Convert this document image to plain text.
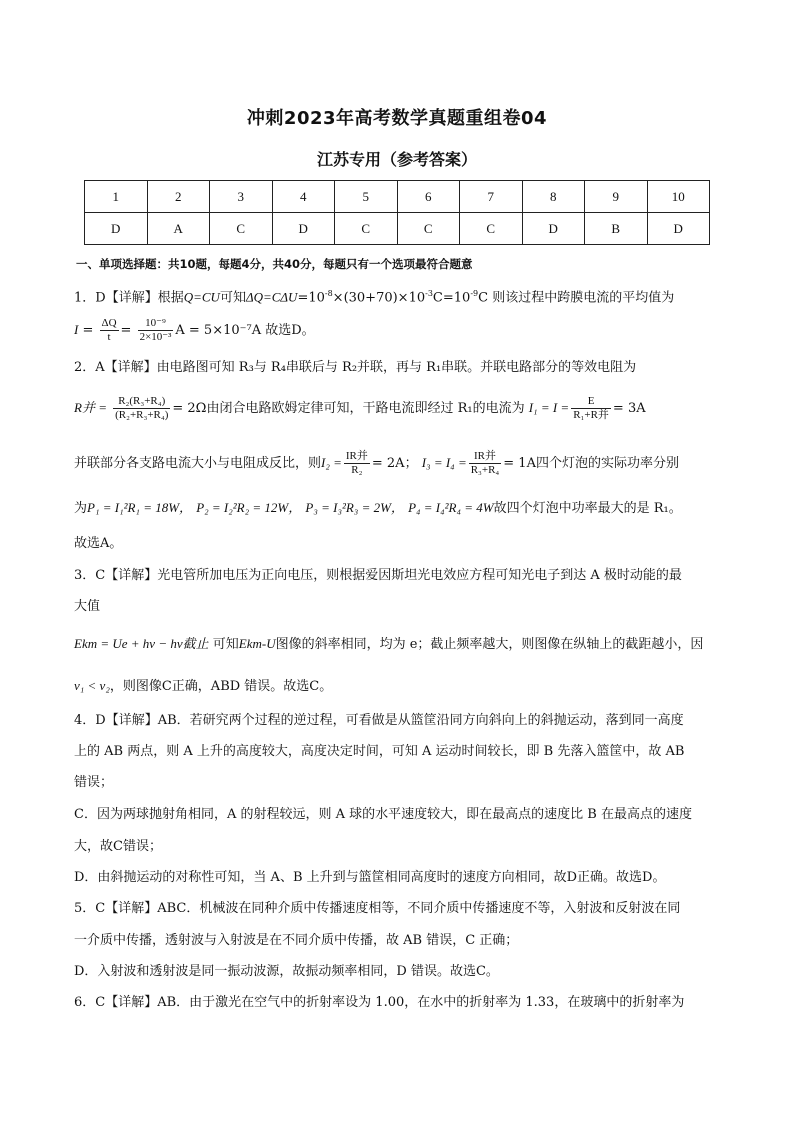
冲刺2023年高考数学真题重组卷04
江苏专用（参考答案）
1	2	3	4	5	6	7	8	9	10
D	A	C	D	C	C	C	D	B	D
一、单项选择题：共10题，每题4分，共40分，每题只有一个选项最符合题意
1．D【详解】根据Q=CU可知$\Delta Q=C\Delta U=10^{-8}\times(30+70)\times 10^{-3}C=10^{-9}C$ 则该过程中跨膜电流的平均值为
$I = \frac{\Delta Q}{t} = \frac{\text{10⁻⁹}}{\text{2×10⁻³}}$ A = 5×10⁻⁷A 故选D。
2．A【详解】由电路图可知 R₃与 R₄串联后与 R₂并联，再与 R₁串联。并联电路部分的等效电阻为
R并 = $\frac{\text{R₂(R₃+R₄)}}{\text{(R₂+R₃+R₄)}} = 2\Omega$由闭合电路欧姆定律可知，干路电流即经过 R₁的电流为 $I_1 = I = \frac{E}{\text{R₁+R并}} = 3A$
并联部分各支路电流大小与电阻成反比，则$I_2 = \frac{\text{IR并}}{\text{R₂}} = 2A$； $I_3 = I_4 = \frac{\text{IR并}}{\text{R₃+R₄}} = 1A$四个灯泡的实际功率分别
为P₁ = I₁²R₁ = 18W， P₂ = I₂²R₂ = 12W， P₃ = I₃²R₃ = 2W， P₄ = I₄²R₄ = 4W故四个灯泡中功率最大的是 R₁。
故选A。
3．C【详解】光电管所加电压为正向电压，则根据爱因斯坦光电效应方程可知光电子到达 A 极时动能的最
大值
Ekm = Ue + hν − hν截止 可知Ekm-U图像的斜率相同，均为 e；截止频率越大，则图像在纵轴上的截距越小，因
ν₁ < ν₂，则图像C正确，ABD 错误。故选C。
4．D【详解】AB．若研究两个过程的逆过程，可看做是从篮筐沿同方向斜向上的斜抛运动，落到同一高度
上的 AB 两点，则 A 上升的高度较大，高度决定时间，可知 A 运动时间较长，即 B 先落入篮筐中，故 AB
错误；
C．因为两球抛射角相同，A 的射程较远，则 A 球的水平速度较大，即在最高点的速度比 B 在最高点的速度
大，故C错误；
D．由斜抛运动的对称性可知，当 A、B 上升到与篮筐相同高度时的速度方向相同，故D正确。故选D。
5．C【详解】ABC．机械波在同种介质中传播速度相等，不同介质中传播速度不等，入射波和反射波在同
一介质中传播，透射波与入射波是在不同介质中传播，故 AB 错误，C 正确；
D．入射波和透射波是同一振动波源，故振动频率相同，D 错误。故选C。
6．C【详解】AB．由于激光在空气中的折射率设为 1.00，在水中的折射率为 1.33，在玻璃中的折射率为
